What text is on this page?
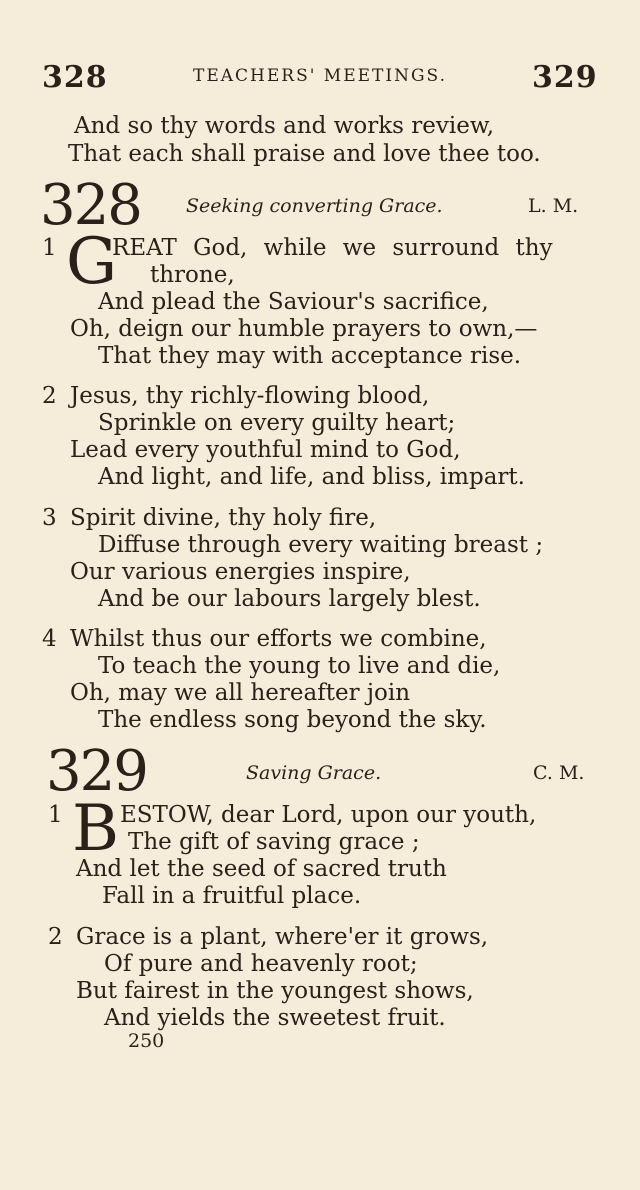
328	TEACHERS' MEETINGS.	329
And so thy words and works review,
That each shall praise and love thee too.
328 Seeking converting Grace.	L. M.
1 G
REAT God, while we surround thy
throne,
And plead the Saviour's sacrifice,
Oh, deign our humble prayers to own,—
That they may with acceptance rise.
2 Jesus, thy richly-flowing blood,
Sprinkle on every guilty heart;
Lead every youthful mind to God,
And light, and life, and bliss, impart.
3 Spirit divine, thy holy fire,
Diffuse through every waiting breast ;
Our various energies inspire,
And be our labours largely blest.
4 Whilst thus our efforts we combine,
To teach the young to live and die,
Oh, may we all hereafter join
The endless song beyond the sky.
329	Saving Grace.	C. M.
1 B ESTOW, dear Lord, upon our youth,
The gift of saving grace ;
And let the seed of sacred truth
Fall in a fruitful place.
2 Grace is a plant, where'er it grows,
Of pure and heavenly root;
But fairest in the youngest shows,
And yields the sweetest fruit.
250
